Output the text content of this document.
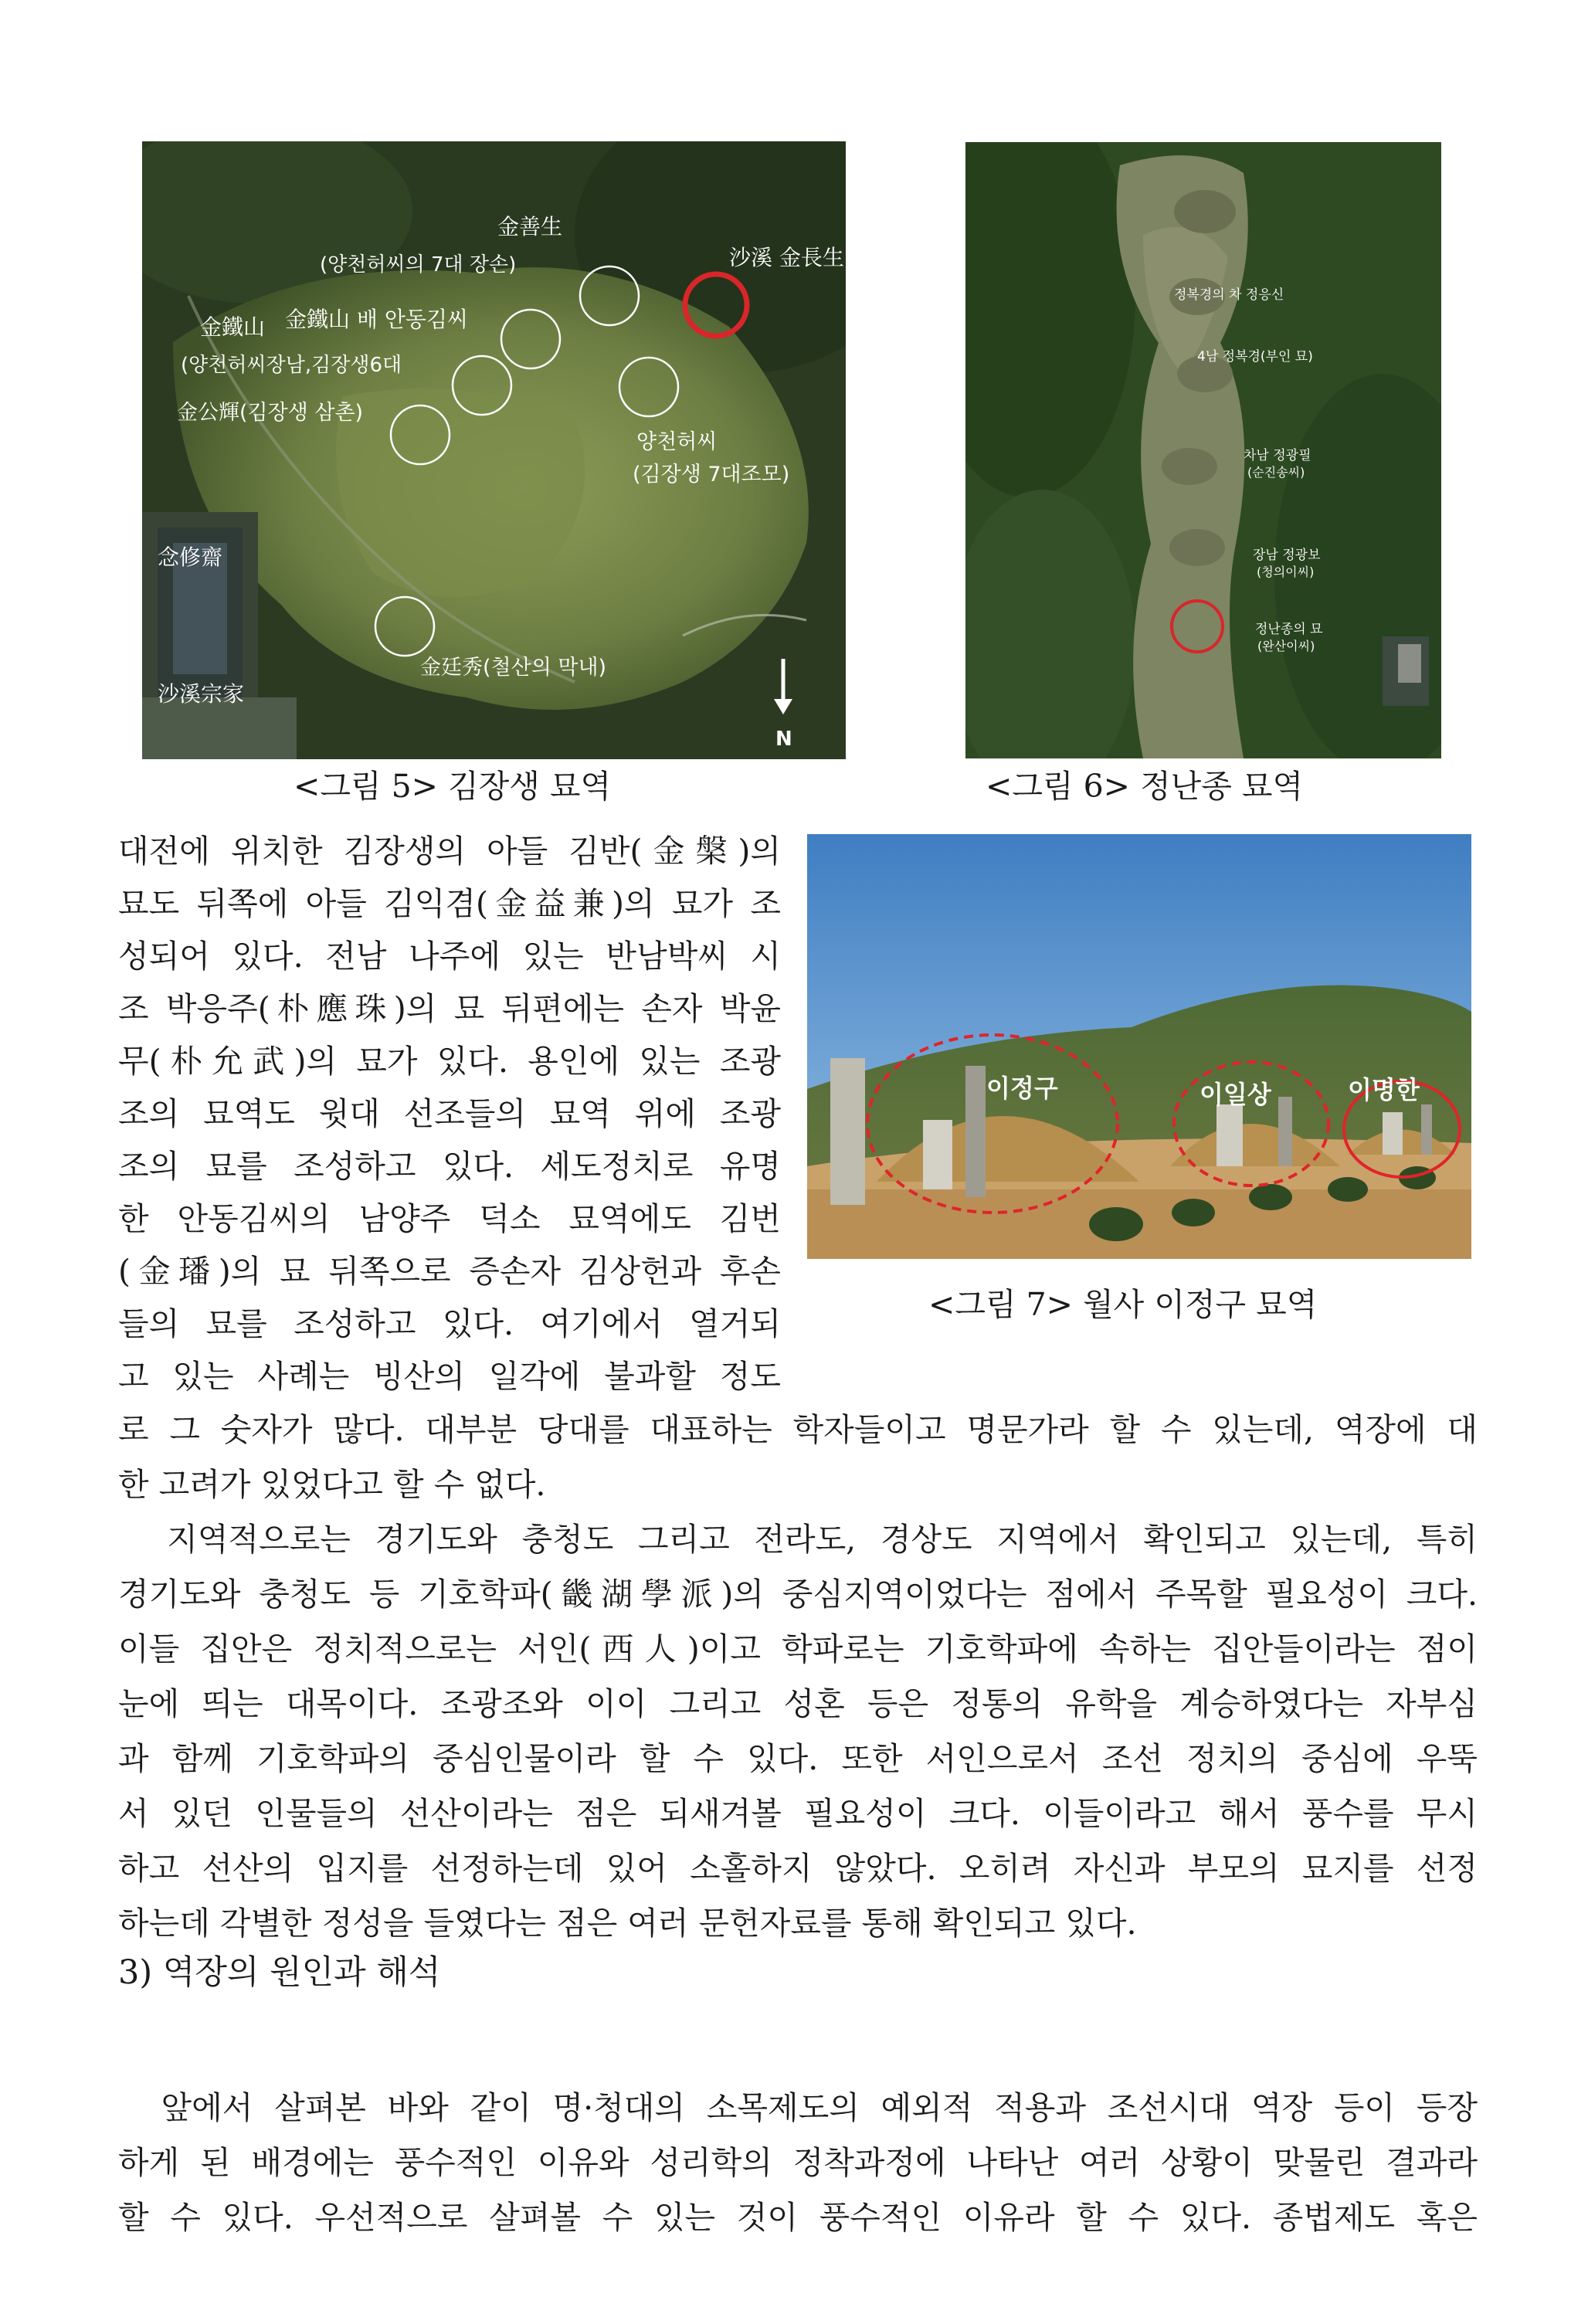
金善生
(양천허씨의 7대 장손)	沙溪 金長生
金鐵山 金鐵山 배 안동김씨
(양천허씨장남,김장생6대
金公輝(김장생 삼촌)
양천허씨
(김장생 7대조모)
念修齋
金廷秀(철산의 막내)
沙溪宗家
N
<그림 5> 김장생 묘역
정복경의 차 정응신
4남 정복경(부인 묘)
차남 정광필
(순진송씨)
장남 정광보
(청의이씨)
정난종의 묘
(완산이씨)
<그림 6> 정난종 묘역
이정구	이일상	이명한
<그림 7> 월사 이정구 묘역
대전에 위치한 김장생의 아들 김반(金槃)의
묘도 뒤쪽에 아들 김익겸(金益兼)의 묘가 조
성되어 있다. 전남 나주에 있는 반남박씨 시
조 박응주(朴應珠)의 묘 뒤편에는 손자 박윤
무(朴允武)의 묘가 있다. 용인에 있는 조광
조의 묘역도 윗대 선조들의 묘역 위에 조광
조의 묘를 조성하고 있다. 세도정치로 유명
한 안동김씨의 남양주 덕소 묘역에도 김번
(金璠)의 묘 뒤쪽으로 증손자 김상헌과 후손
들의 묘를 조성하고 있다. 여기에서 열거되
고 있는 사례는 빙산의 일각에 불과할 정도
로 그 숫자가 많다. 대부분 당대를 대표하는 학자들이고 명문가라 할 수 있는데, 역장에 대
한 고려가 있었다고 할 수 없다.
지역적으로는 경기도와 충청도 그리고 전라도, 경상도 지역에서 확인되고 있는데, 특히
경기도와 충청도 등 기호학파(畿湖學派)의 중심지역이었다는 점에서 주목할 필요성이 크다.
이들 집안은 정치적으로는 서인(西人)이고 학파로는 기호학파에 속하는 집안들이라는 점이
눈에 띄는 대목이다. 조광조와 이이 그리고 성혼 등은 정통의 유학을 계승하였다는 자부심
과 함께 기호학파의 중심인물이라 할 수 있다. 또한 서인으로서 조선 정치의 중심에 우뚝
서 있던 인물들의 선산이라는 점은 되새겨볼 필요성이 크다. 이들이라고 해서 풍수를 무시
하고 선산의 입지를 선정하는데 있어 소홀하지 않았다. 오히려 자신과 부모의 묘지를 선정
하는데 각별한 정성을 들였다는 점은 여러 문헌자료를 통해 확인되고 있다.
3) 역장의 원인과 해석
앞에서 살펴본 바와 같이 명·청대의 소목제도의 예외적 적용과 조선시대 역장 등이 등장
하게 된 배경에는 풍수적인 이유와 성리학의 정착과정에 나타난 여러 상황이 맞물린 결과라
할 수 있다. 우선적으로 살펴볼 수 있는 것이 풍수적인 이유라 할 수 있다. 종법제도 혹은
